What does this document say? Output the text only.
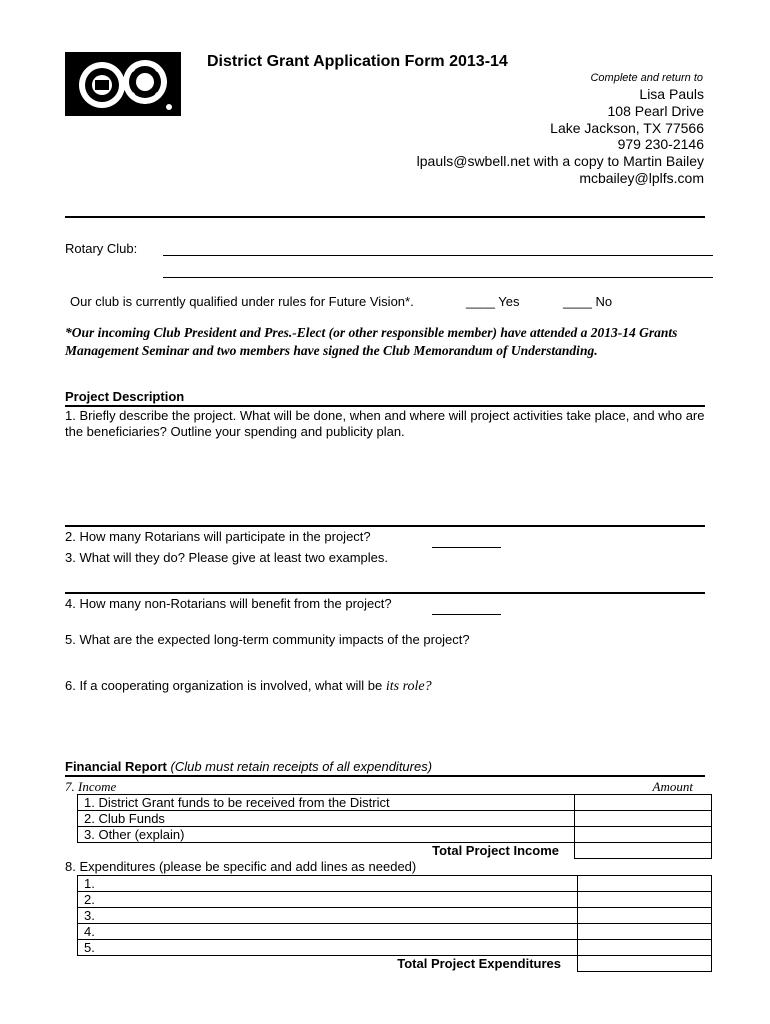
District Grant Application Form 2013-14
Complete and return to
Lisa Pauls
108 Pearl Drive
Lake Jackson, TX 77566
979 230-2146
lpauls@swbell.net with a copy to Martin Bailey
mcbailey@lplfs.com
Rotary Club:
Our club is currently qualified under rules for Future Vision*.	____ Yes	____ No
*Our incoming Club President and Pres.-Elect (or other responsible member) have attended a 2013-14 Grants Management Seminar and two members have signed the Club Memorandum of Understanding.
Project Description
1. Briefly describe the project. What will be done, when and where will project activities take place, and who are the beneficiaries? Outline your spending and publicity plan.
2. How many Rotarians will participate in the project?
3. What will they do? Please give at least two examples.
4. How many non-Rotarians will benefit from the project?
5. What are the expected long-term community impacts of the project?
6. If a cooperating organization is involved, what will be its role?
Financial Report (Club must retain receipts of all expenditures)
7. Income	Amount
1. District Grant funds to be received from the District	
2. Club Funds	
3. Other (explain)	
Total Project Income	
8. Expenditures (please be specific and add lines as needed)
1.	
2.	
3.	
4.	
5.	
Total Project Expenditures	
